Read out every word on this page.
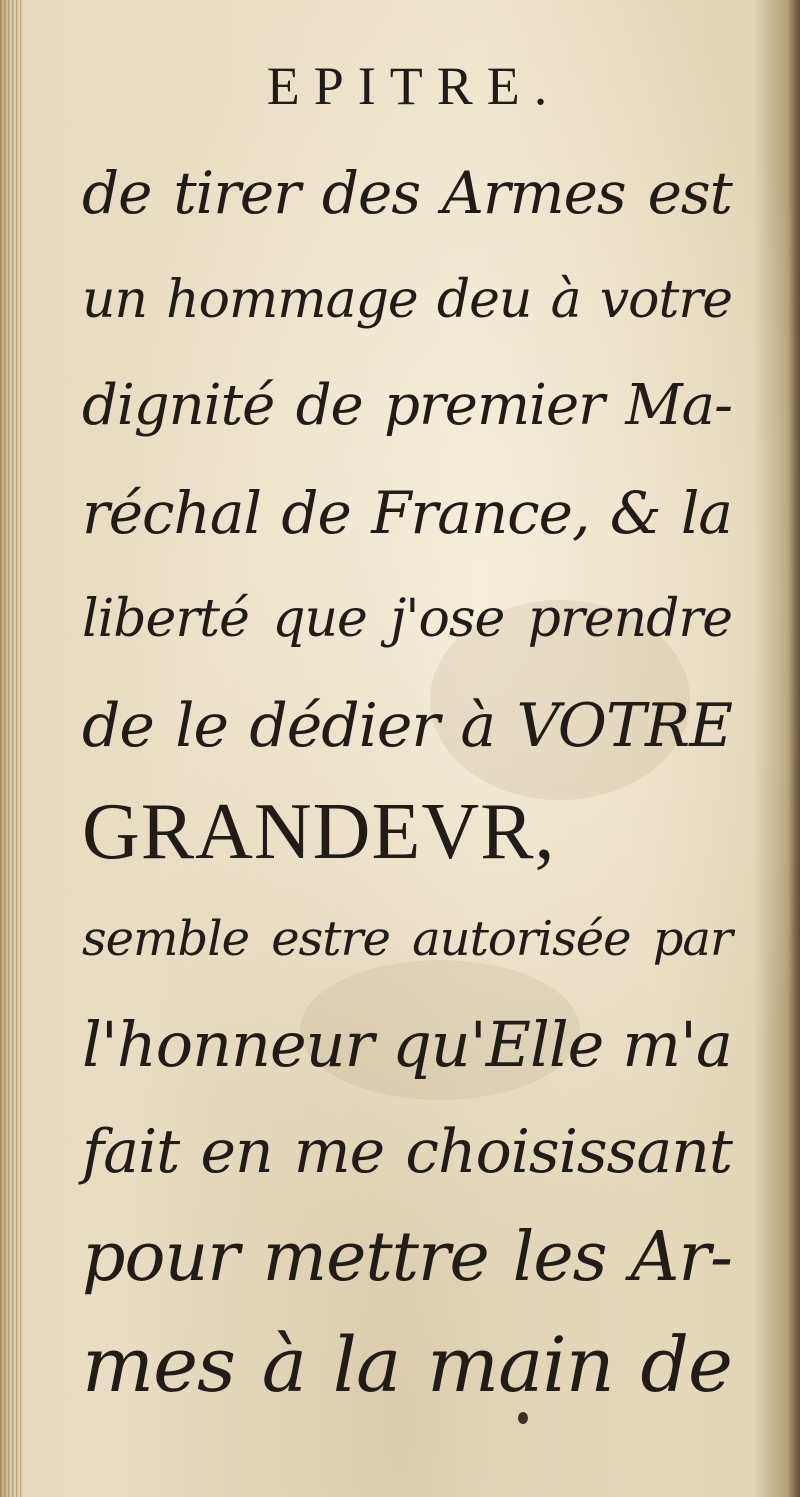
EPITRE.
de tirer des Armes est
un hommage deu à votre
dignité de premier Ma-
réchal de France, & la
liberté que j'ose prendre
de le dédier à VOTRE
GRANDEVR,
semble estre autorisée par
l'honneur qu'Elle m'a
fait en me choisissant
pour mettre les Ar-
mes à la main de
